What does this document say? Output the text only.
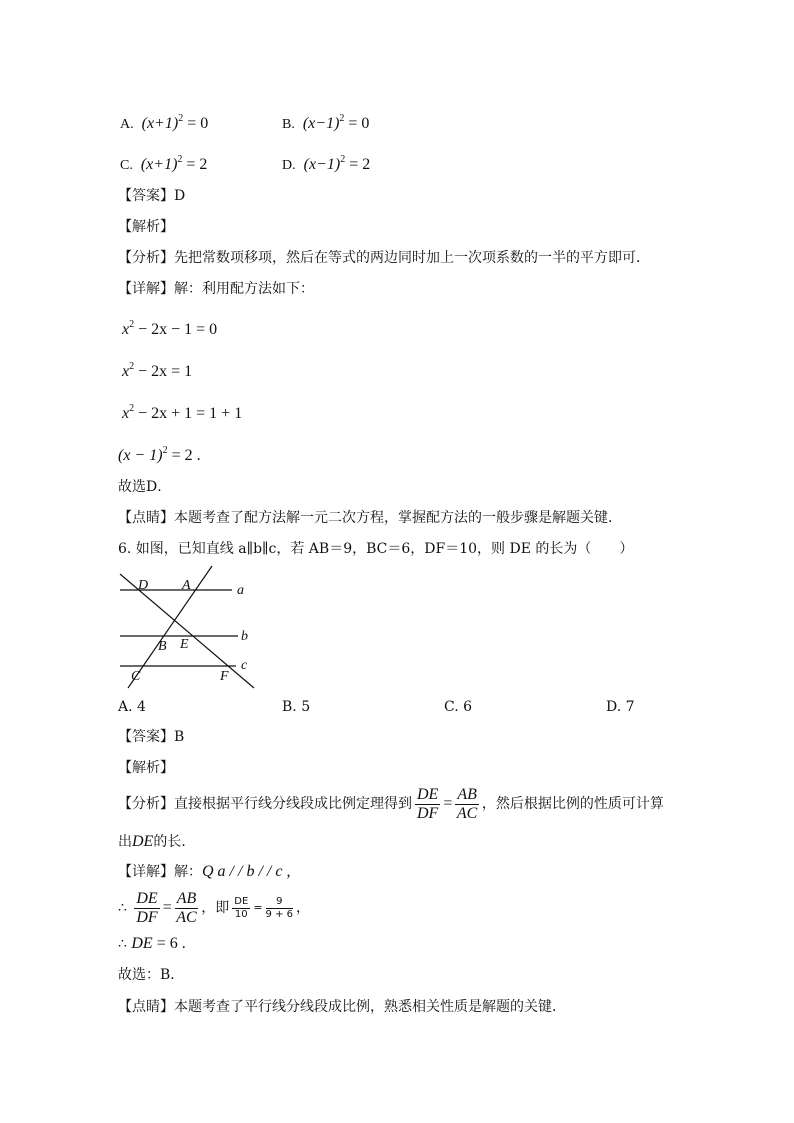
A. $(x+1)^2 = 0$	B. $(x-1)^2 = 0$
C. $(x+1)^2 = 2$	D. $(x-1)^2 = 2$
【答案】D
【解析】
【分析】先把常数项移项，然后在等式的两边同时加上一次项系数的一半的平方即可．
【详解】解：利用配方法如下：
$x^2 - 2x - 1 = 0$
$x^2 - 2x = 1$
$x^2 - 2x + 1 = 1 + 1$
$(x - 1)^2 = 2$ .
故选D．
【点睛】本题考查了配方法解一元二次方程，掌握配方法的一般步骤是解题关键．
6. 如图，已知直线 a∥b∥c，若 AB＝9，BC＝6，DF＝10，则 DE 的长为（　　）
D A	a
B E
b
C	F
c
A. 4	B. 5	C. 6	D. 7
【答案】B
【解析】
【分析】 直接根据平行线分线段成比例定理得到 $\frac{DE}{DF} = \frac{AB}{AC}$ ，然后根据比例的性质可计算
出DE的长．
【详解】解：Q a / / b / / c ,
∴
$\frac{DE}{DF} = \frac{AB}{AC}$ ，即 $\frac{DE}{10} = \frac{9}{9 + 6}$ ，
∴ DE = 6 .
故选：B．
【点睛】本题考查了平行线分线段成比例，熟悉相关性质是解题的关键．
